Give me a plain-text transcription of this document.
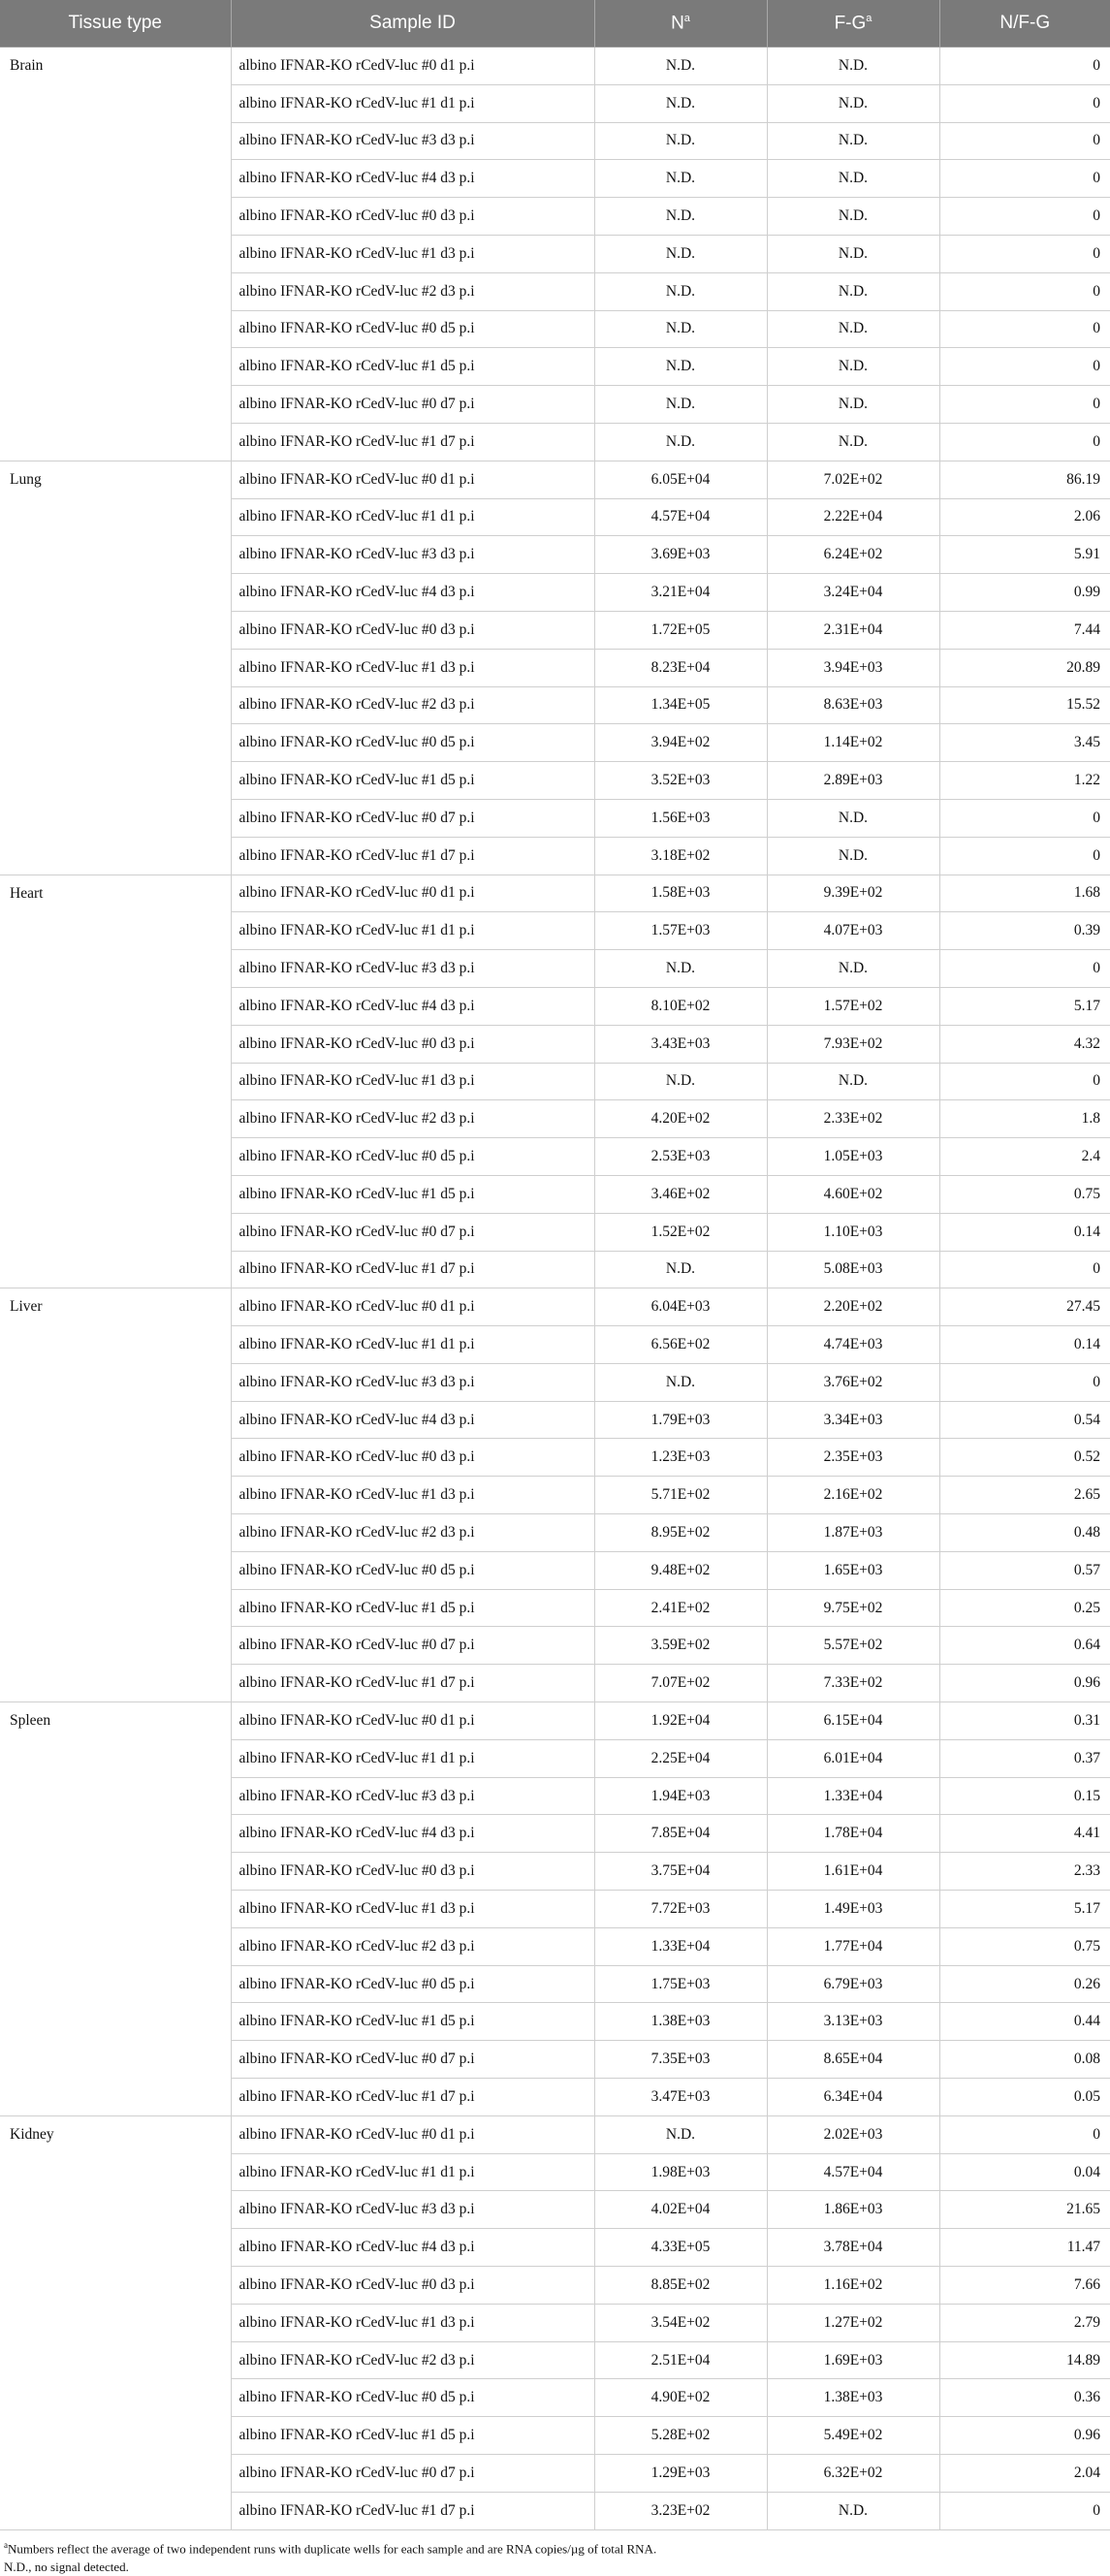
Tissue type	Sample ID	$N^a$	$F-G^a$	N/F-G
Brain	albino IFNAR-KO rCedV-luc #0 d1 p.i	N.D.	N.D.	0
	albino IFNAR-KO rCedV-luc #1 d1 p.i	N.D.	N.D.	0
	albino IFNAR-KO rCedV-luc #3 d3 p.i	N.D.	N.D.	0
	albino IFNAR-KO rCedV-luc #4 d3 p.i	N.D.	N.D.	0
	albino IFNAR-KO rCedV-luc #0 d3 p.i	N.D.	N.D.	0
	albino IFNAR-KO rCedV-luc #1 d3 p.i	N.D.	N.D.	0
	albino IFNAR-KO rCedV-luc #2 d3 p.i	N.D.	N.D.	0
	albino IFNAR-KO rCedV-luc #0 d5 p.i	N.D.	N.D.	0
	albino IFNAR-KO rCedV-luc #1 d5 p.i	N.D.	N.D.	0
	albino IFNAR-KO rCedV-luc #0 d7 p.i	N.D.	N.D.	0
	albino IFNAR-KO rCedV-luc #1 d7 p.i	N.D.	N.D.	0
Lung	albino IFNAR-KO rCedV-luc #0 d1 p.i	6.05E+04	7.02E+02	86.19
	albino IFNAR-KO rCedV-luc #1 d1 p.i	4.57E+04	2.22E+04	2.06
	albino IFNAR-KO rCedV-luc #3 d3 p.i	3.69E+03	6.24E+02	5.91
	albino IFNAR-KO rCedV-luc #4 d3 p.i	3.21E+04	3.24E+04	0.99
	albino IFNAR-KO rCedV-luc #0 d3 p.i	1.72E+05	2.31E+04	7.44
	albino IFNAR-KO rCedV-luc #1 d3 p.i	8.23E+04	3.94E+03	20.89
	albino IFNAR-KO rCedV-luc #2 d3 p.i	1.34E+05	8.63E+03	15.52
	albino IFNAR-KO rCedV-luc #0 d5 p.i	3.94E+02	1.14E+02	3.45
	albino IFNAR-KO rCedV-luc #1 d5 p.i	3.52E+03	2.89E+03	1.22
	albino IFNAR-KO rCedV-luc #0 d7 p.i	1.56E+03	N.D.	0
	albino IFNAR-KO rCedV-luc #1 d7 p.i	3.18E+02	N.D.	0
Heart	albino IFNAR-KO rCedV-luc #0 d1 p.i	1.58E+03	9.39E+02	1.68
	albino IFNAR-KO rCedV-luc #1 d1 p.i	1.57E+03	4.07E+03	0.39
	albino IFNAR-KO rCedV-luc #3 d3 p.i	N.D.	N.D.	0
	albino IFNAR-KO rCedV-luc #4 d3 p.i	8.10E+02	1.57E+02	5.17
	albino IFNAR-KO rCedV-luc #0 d3 p.i	3.43E+03	7.93E+02	4.32
	albino IFNAR-KO rCedV-luc #1 d3 p.i	N.D.	N.D.	0
	albino IFNAR-KO rCedV-luc #2 d3 p.i	4.20E+02	2.33E+02	1.8
	albino IFNAR-KO rCedV-luc #0 d5 p.i	2.53E+03	1.05E+03	2.4
	albino IFNAR-KO rCedV-luc #1 d5 p.i	3.46E+02	4.60E+02	0.75
	albino IFNAR-KO rCedV-luc #0 d7 p.i	1.52E+02	1.10E+03	0.14
	albino IFNAR-KO rCedV-luc #1 d7 p.i	N.D.	5.08E+03	0
Liver	albino IFNAR-KO rCedV-luc #0 d1 p.i	6.04E+03	2.20E+02	27.45
	albino IFNAR-KO rCedV-luc #1 d1 p.i	6.56E+02	4.74E+03	0.14
	albino IFNAR-KO rCedV-luc #3 d3 p.i	N.D.	3.76E+02	0
	albino IFNAR-KO rCedV-luc #4 d3 p.i	1.79E+03	3.34E+03	0.54
	albino IFNAR-KO rCedV-luc #0 d3 p.i	1.23E+03	2.35E+03	0.52
	albino IFNAR-KO rCedV-luc #1 d3 p.i	5.71E+02	2.16E+02	2.65
	albino IFNAR-KO rCedV-luc #2 d3 p.i	8.95E+02	1.87E+03	0.48
	albino IFNAR-KO rCedV-luc #0 d5 p.i	9.48E+02	1.65E+03	0.57
	albino IFNAR-KO rCedV-luc #1 d5 p.i	2.41E+02	9.75E+02	0.25
	albino IFNAR-KO rCedV-luc #0 d7 p.i	3.59E+02	5.57E+02	0.64
	albino IFNAR-KO rCedV-luc #1 d7 p.i	7.07E+02	7.33E+02	0.96
Spleen	albino IFNAR-KO rCedV-luc #0 d1 p.i	1.92E+04	6.15E+04	0.31
	albino IFNAR-KO rCedV-luc #1 d1 p.i	2.25E+04	6.01E+04	0.37
	albino IFNAR-KO rCedV-luc #3 d3 p.i	1.94E+03	1.33E+04	0.15
	albino IFNAR-KO rCedV-luc #4 d3 p.i	7.85E+04	1.78E+04	4.41
	albino IFNAR-KO rCedV-luc #0 d3 p.i	3.75E+04	1.61E+04	2.33
	albino IFNAR-KO rCedV-luc #1 d3 p.i	7.72E+03	1.49E+03	5.17
	albino IFNAR-KO rCedV-luc #2 d3 p.i	1.33E+04	1.77E+04	0.75
	albino IFNAR-KO rCedV-luc #0 d5 p.i	1.75E+03	6.79E+03	0.26
	albino IFNAR-KO rCedV-luc #1 d5 p.i	1.38E+03	3.13E+03	0.44
	albino IFNAR-KO rCedV-luc #0 d7 p.i	7.35E+03	8.65E+04	0.08
	albino IFNAR-KO rCedV-luc #1 d7 p.i	3.47E+03	6.34E+04	0.05
Kidney	albino IFNAR-KO rCedV-luc #0 d1 p.i	N.D.	2.02E+03	0
	albino IFNAR-KO rCedV-luc #1 d1 p.i	1.98E+03	4.57E+04	0.04
	albino IFNAR-KO rCedV-luc #3 d3 p.i	4.02E+04	1.86E+03	21.65
	albino IFNAR-KO rCedV-luc #4 d3 p.i	4.33E+05	3.78E+04	11.47
	albino IFNAR-KO rCedV-luc #0 d3 p.i	8.85E+02	1.16E+02	7.66
	albino IFNAR-KO rCedV-luc #1 d3 p.i	3.54E+02	1.27E+02	2.79
	albino IFNAR-KO rCedV-luc #2 d3 p.i	2.51E+04	1.69E+03	14.89
	albino IFNAR-KO rCedV-luc #0 d5 p.i	4.90E+02	1.38E+03	0.36
	albino IFNAR-KO rCedV-luc #1 d5 p.i	5.28E+02	5.49E+02	0.96
	albino IFNAR-KO rCedV-luc #0 d7 p.i	1.29E+03	6.32E+02	2.04
	albino IFNAR-KO rCedV-luc #1 d7 p.i	3.23E+02	N.D.	0
$^a$Numbers reflect the average of two independent runs with duplicate wells for each sample and are RNA copies/µg of total RNA.
N.D., no signal detected.
